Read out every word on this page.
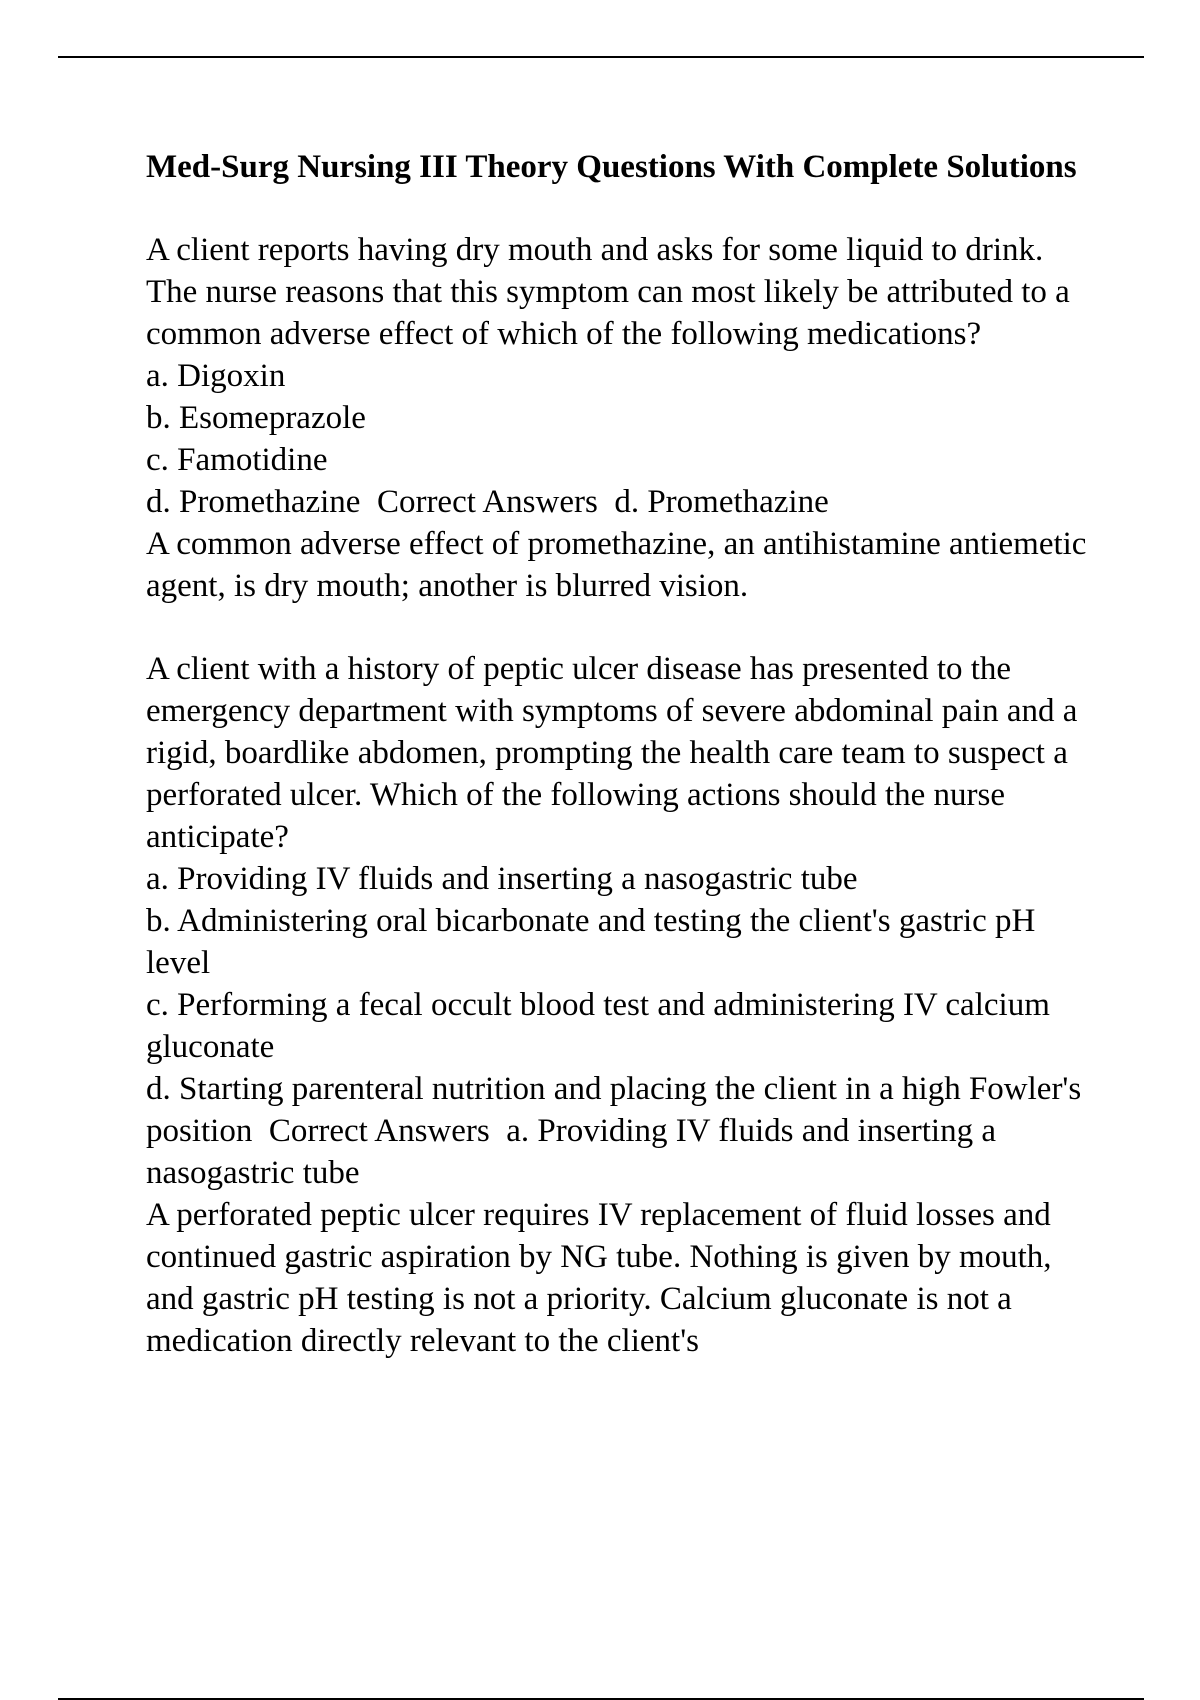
Med-Surg Nursing III Theory Questions With Complete Solutions

A client reports having dry mouth and asks for some liquid to drink. The nurse reasons that this symptom can most likely be attributed to a common adverse effect of which of the following medications?

a. Digoxin

b. Esomeprazole

c. Famotidine

d. Promethazine Correct Answers d. Promethazine

A common adverse effect of promethazine, an antihistamine antiemetic agent, is dry mouth; another is blurred vision.

A client with a history of peptic ulcer disease has presented to the emergency department with symptoms of severe abdominal pain and a rigid, boardlike abdomen, prompting the health care team to suspect a perforated ulcer. Which of the following actions should the nurse anticipate?

a. Providing IV fluids and inserting a nasogastric tube

b. Administering oral bicarbonate and testing the client's gastric pH level

c. Performing a fecal occult blood test and administering IV calcium gluconate

d. Starting parenteral nutrition and placing the client in a high Fowler's position Correct Answers a. Providing IV fluids and inserting a nasogastric tube

A perforated peptic ulcer requires IV replacement of fluid losses and continued gastric aspiration by NG tube. Nothing is given by mouth, and gastric pH testing is not a priority. Calcium gluconate is not a medication directly relevant to the client's
